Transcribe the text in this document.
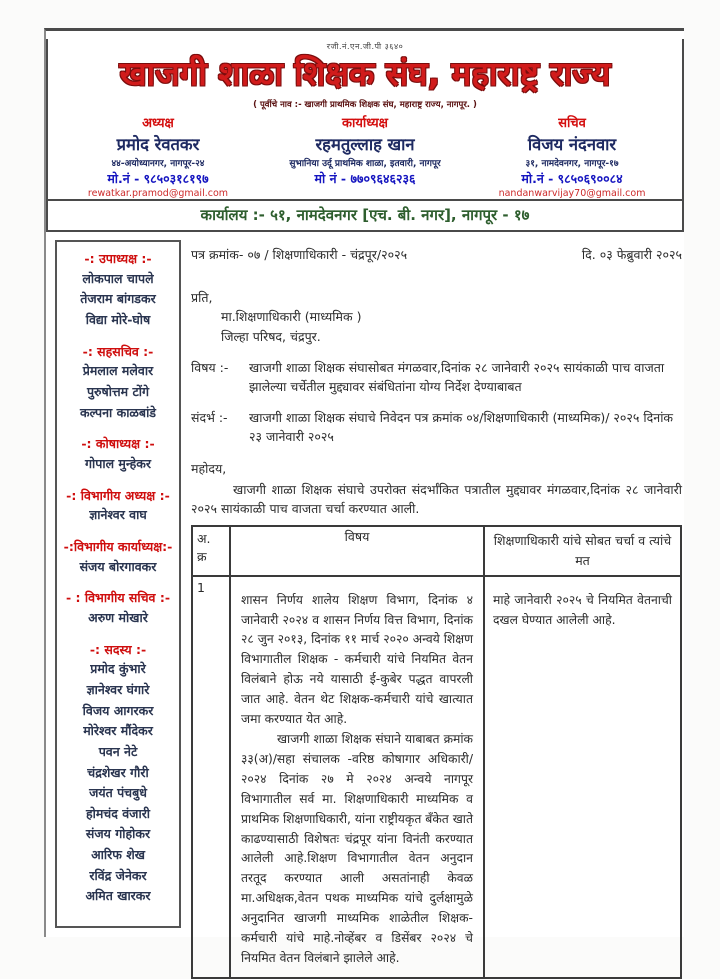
रजी.नं.एन.जी.पी ३६४०
खाजगी शाळा शिक्षक संघ, महाराष्ट्र राज्य
( पूर्वीचे नाव :- खाजगी प्राथमिक शिक्षक संघ, महाराष्ट्र राज्य, नागपूर. )
अध्यक्ष
प्रमोद रेवतकर
४४-अयोध्यानगर, नागपूर-२४
मो.नं - ९८५०३१८१९७
rewatkar.pramod@gmail.com
कार्याध्यक्ष
रहमतुल्लाह खान
सुभानिया उर्दू प्राथमिक शाळा, इतवारी, नागपूर
मो नं - ७७०९६४६२३६
सचिव
विजय नंदनवार
३१, नामदेवनगर, नागपूर-१७
मो.नं - ९८५०६९००८४
nandanwarvijay70@gmail.com
कार्यालय :- ५१, नामदेवनगर [एच. बी. नगर], नागपूर - १७
-: उपाध्यक्ष :-
लोकपाल चापले
तेजराम बांगडकर
विद्या मोरे-घोष
-: सहसचिव :-
प्रेमलाल मलेवार
पुरुषोत्तम टोंगे
कल्पना काळबांडे
-: कोषाध्यक्ष :-
गोपाल मुन्हेकर
-: विभागीय अध्यक्ष :-
ज्ञानेश्वर वाघ
-:विभागीय कार्याध्यक्ष:-
संजय बोरगावकर
- : विभागीय सचिव :-
अरुण मोखारे
-: सदस्य :-
प्रमोद कुंभारे
ज्ञानेश्वर घंगारे
विजय आगरकर
मोरेश्वर मौंदेकर
पवन नेटे
चंद्रशेखर गौरी
जयंत पंचबुधे
होमचंद वंजारी
संजय गोहोकर
आरिफ शेख
रविंद्र जेनेकर
अमित खारकर
पत्र क्रमांक- ०७ / शिक्षणाधिकारी - चंद्रपूर/२०२५	दि. ०३ फेब्रुवारी २०२५
प्रति,
मा.शिक्षणाधिकारी (माध्यमिक )
जिल्हा परिषद, चंद्रपुर.
विषय :-	खाजगी शाळा शिक्षक संघासोबत मंगळवार,दिनांक २८ जानेवारी २०२५ सायंकाळी पाच वाजता झालेल्या चर्चेतील मुद्द्यावर संबंधितांना योग्य निर्देश देण्याबाबत
संदर्भ :-	खाजगी शाळा शिक्षक संघाचे निवेदन पत्र क्रमांक ०४/शिक्षणाधिकारी (माध्यमिक)/ २०२५ दिनांक २३ जानेवारी २०२५
महोदय,
खाजगी शाळा शिक्षक संघाचे उपरोक्त संदर्भांकित पत्रातील मुद्द्यावर मंगळवार,दिनांक २८ जानेवारी २०२५ सायंकाळी पाच वाजता चर्चा करण्यात आली.
अ.
क्र	विषय	शिक्षणाधिकारी यांचे सोबत चर्चा व त्यांचे मत
1	शासन निर्णय शालेय शिक्षण विभाग, दिनांक ४ जानेवारी २०२४ व शासन निर्णय वित्त विभाग, दिनांक २८ जुन २०१३, दिनांक ११ मार्च २०२० अन्वये शिक्षण विभागातील शिक्षक - कर्मचारी यांचे नियमित वेतन विलंबाने होऊ नये यासाठी ई-कुबेर पद्धत वापरली जात आहे. वेतन थेट शिक्षक-कर्मचारी यांचे खात्यात जमा करण्यात येत आहे.
खाजगी शाळा शिक्षक संघाने याबाबत क्रमांक ३३(अ)/सहा संचालक -वरिष्ठ कोषागार अधिकारी/२०२४ दिनांक २७ मे २०२४ अन्वये नागपूर विभागातील सर्व मा. शिक्षणाधिकारी माध्यमिक व प्राथमिक शिक्षणाधिकारी, यांना राष्ट्रीयकृत बँकेत खाते काढण्यासाठी विशेषतः चंद्रपूर यांना विनंती करण्यात आलेली आहे.शिक्षण विभागातील वेतन अनुदान तरतूद करण्यात आली असतांनाही केवळ मा.अधिक्षक,वेतन पथक माध्यमिक यांचे दुर्लक्षामुळे अनुदानित खाजगी माध्यमिक शाळेतील शिक्षक-कर्मचारी यांचे माहे.नोव्हेंबर व डिसेंबर २०२४ चे नियमित वेतन विलंबाने झालेले आहे.	माहे जानेवारी २०२५ चे नियमित वेतनाची दखल घेण्यात आलेली आहे.
